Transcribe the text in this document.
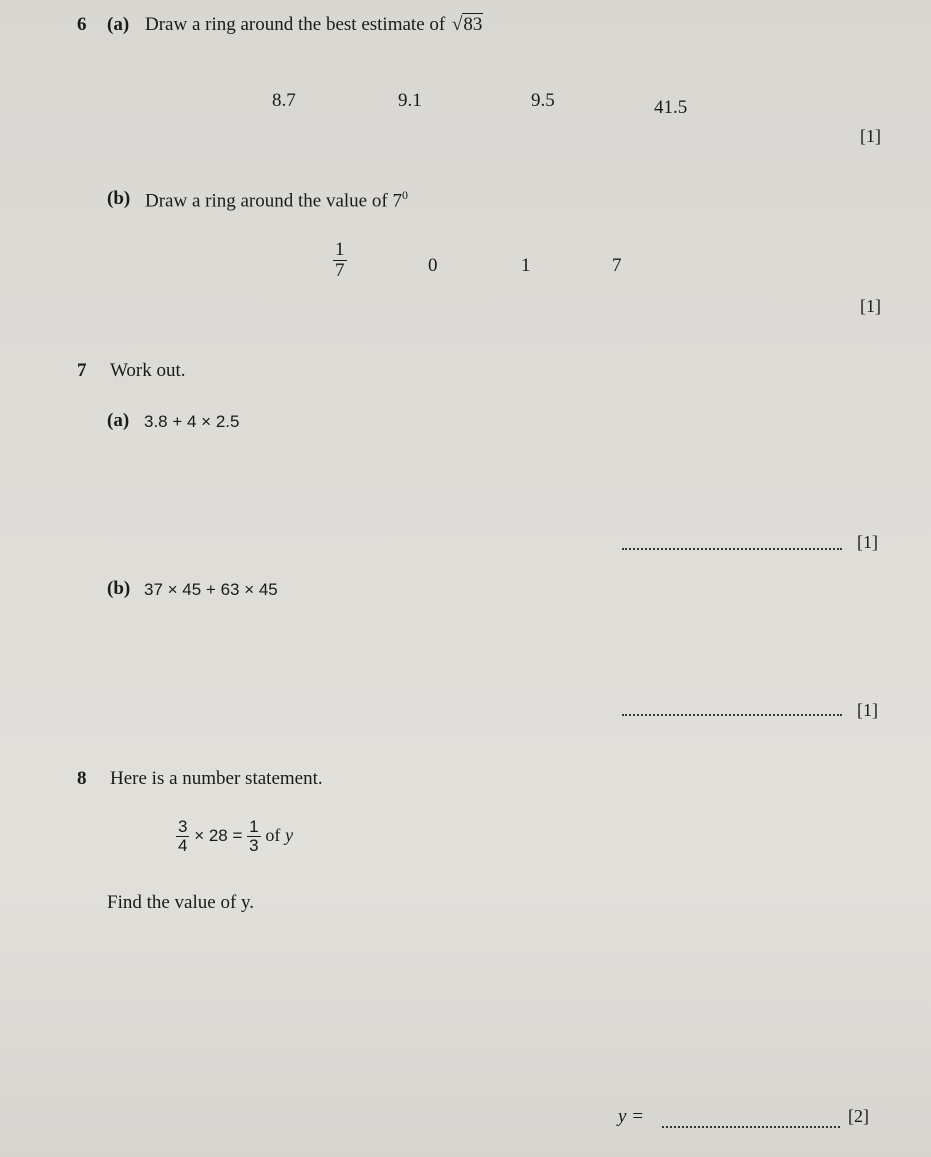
6 (a) Draw a ring around the best estimate of √83
8.7	9.1	9.5	41.5
[1]
(b) Draw a ring around the value of $7^0$
$\frac{1}{7}$	0	1	7
[1]
7 Work out.
(a) 3.8 + 4 × 2.5
[1]
(b) 37 × 45 + 63 × 45
[1]
8 Here is a number statement.
$\frac{3}{4} \times 28 = \frac{1}{3}$ of y
Find the value of y.
y =	[2]
